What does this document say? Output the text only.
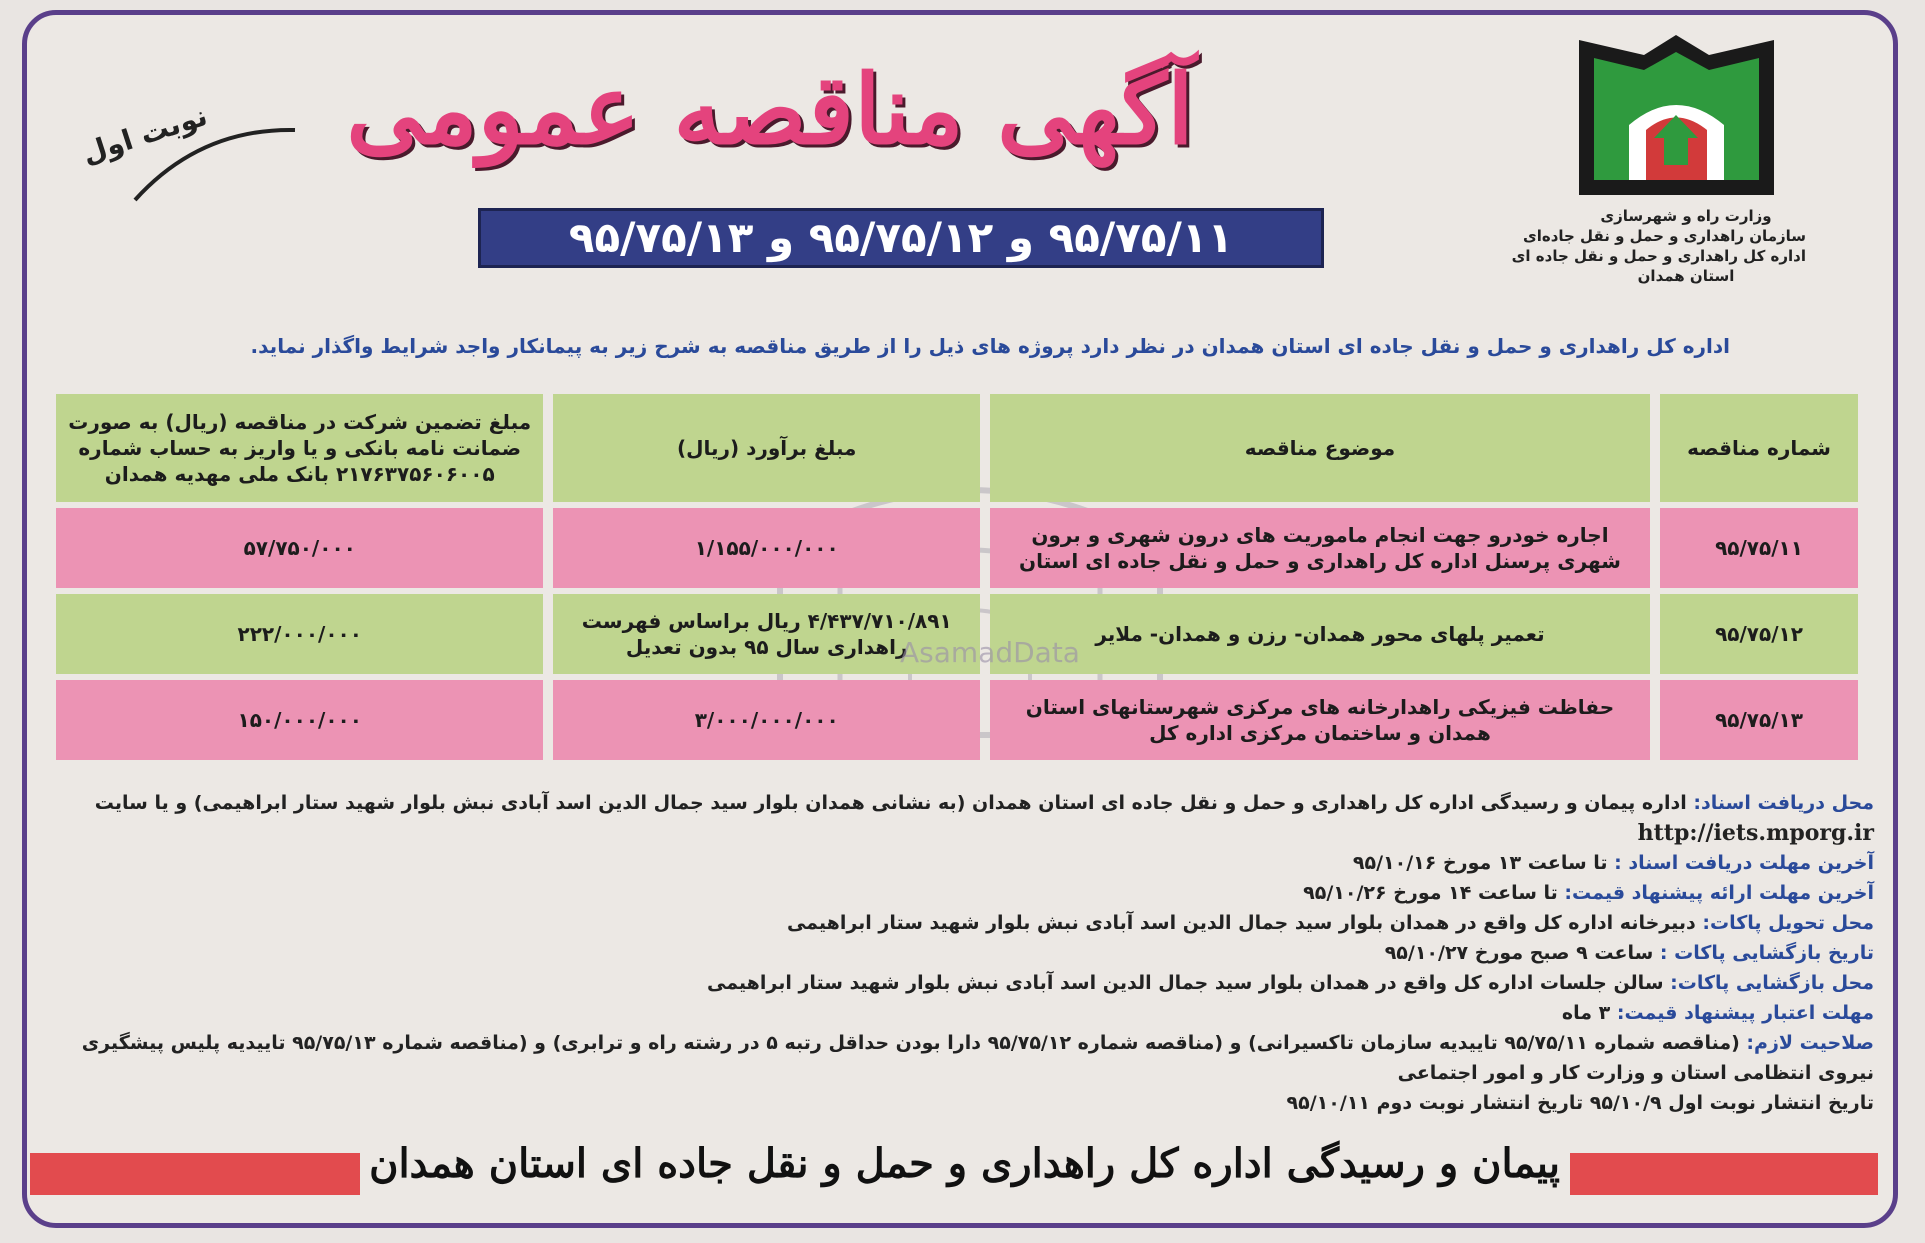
وزارت راه و شهرسازی
سازمان راهداری و حمل و نقل جاده‌ای
اداره کل راهداری و حمل و نقل جاده ای
استان همدان
آگهی مناقصه عمومی
نوبت اول
۹۵/۷۵/۱۱ و ۹۵/۷۵/۱۲ و ۹۵/۷۵/۱۳
اداره کل راهداری و حمل و نقل جاده ای استان همدان در نظر دارد پروژه های ذیل را از طریق مناقصه به شرح زیر به پیمانکار واجد شرایط واگذار نماید.
شماره مناقصه	موضوع مناقصه	مبلغ برآورد (ریال)	مبلغ تضمین شرکت در مناقصه (ریال) به صورت ضمانت نامه بانکی و یا واریز به حساب شماره ۲۱۷۶۳۷۵۶۰۶۰۰۵ بانک ملی مهدیه همدان
۹۵/۷۵/۱۱	اجاره خودرو جهت انجام ماموریت های درون شهری و برون شهری پرسنل اداره کل راهداری و حمل و نقل جاده ای استان	۱/۱۵۵/۰۰۰/۰۰۰	۵۷/۷۵۰/۰۰۰
۹۵/۷۵/۱۲	تعمیر پلهای محور همدان- رزن و همدان- ملایر	۴/۴۳۷/۷۱۰/۸۹۱ ریال براساس فهرست راهداری سال ۹۵ بدون تعدیل	۲۲۲/۰۰۰/۰۰۰
۹۵/۷۵/۱۳	حفاظت فیزیکی راهدارخانه های مرکزی شهرستانهای استان همدان و ساختمان مرکزی اداره کل	۳/۰۰۰/۰۰۰/۰۰۰	۱۵۰/۰۰۰/۰۰۰
AsamadData
محل دریافت اسناد: اداره پیمان و رسیدگی اداره کل راهداری و حمل و نقل جاده ای استان همدان (به نشانی همدان بلوار سید جمال الدین اسد آبادی نبش بلوار شهید ستار ابراهیمی) و یا سایت
http://iets.mporg.ir
آخرین مهلت دریافت اسناد : تا ساعت ۱۳ مورخ ۹۵/۱۰/۱۶
آخرین مهلت ارائه پیشنهاد قیمت: تا ساعت ۱۴ مورخ ۹۵/۱۰/۲۶
محل تحویل پاکات: دبیرخانه اداره کل واقع در همدان بلوار سید جمال الدین اسد آبادی نبش بلوار شهید ستار ابراهیمی
تاریخ بازگشایی پاکات : ساعت ۹ صبح مورخ ۹۵/۱۰/۲۷
محل بازگشایی پاکات: سالن جلسات اداره کل واقع در همدان بلوار سید جمال الدین اسد آبادی نبش بلوار شهید ستار ابراهیمی
مهلت اعتبار پیشنهاد قیمت: ۳ ماه
صلاحیت لازم: (مناقصه شماره ۹۵/۷۵/۱۱ تاییدیه سازمان تاکسیرانی) و (مناقصه شماره ۹۵/۷۵/۱۲ دارا بودن حداقل رتبه ۵ در رشته راه و ترابری) و (مناقصه شماره ۹۵/۷۵/۱۳ تاییدیه پلیس پیشگیری نیروی انتظامی استان و وزارت کار و امور اجتماعی
تاریخ انتشار نوبت اول ۹۵/۱۰/۹ تاریخ انتشار نوبت دوم ۹۵/۱۰/۱۱
پیمان و رسیدگی اداره کل راهداری و حمل و نقل جاده ای استان همدان
